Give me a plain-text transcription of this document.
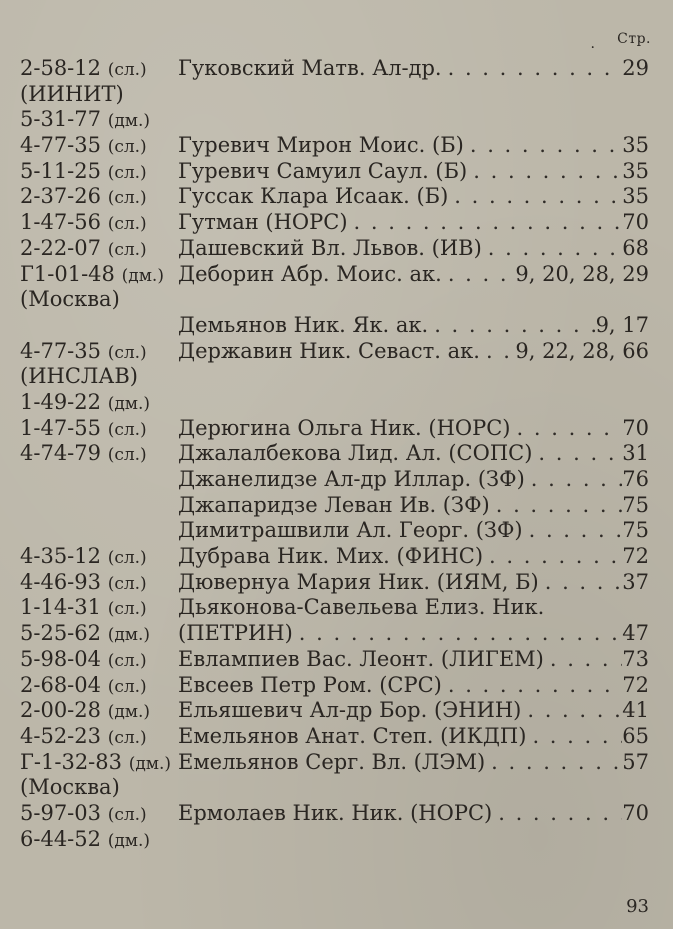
. Стр.
2-58-12 (сл.)	Гуковский Матв. Ал-др. . . .	29
(ИИНИТ)
5-31-77 (дм.)
4-77-35 (сл.)	Гуревич Мирон Моис. (Б) . . .	35
5-11-25 (сл.)	Гуревич Самуил Саул. (Б) . . .	35
2-37-26 (сл.)	Гуссак Клара Исаак. (Б) . . .	35
1-47-56 (сл.)	Гутман (НОРС) . . .	70
2-22-07 (сл.)	Дашевский Вл. Львов. (ИВ) . . .	68
Г1-01-48 (дм.) Деборин Абр. Моис. ак. . . .	9, 20, 28, 29
(Москва)
Демьянов Ник. Як. ак. . . .	9, 17
4-77-35 (сл.)	Державин Ник. Севаст. ак. . . . 9, 22, 28, 66
(ИНСЛАВ)
1-49-22 (дм.)
1-47-55 (сл.)	Дерюгина Ольга Ник. (НОРС) . . .	70
4-74-79 (сл.)	Джалалбекова Лид. Ал. (СОПС) . . .	31
Джанелидзе Ал-др Иллар. (ЗФ) . . .	76
Джапаридзе Леван Ив. (ЗФ) . . .	75
Димитрашвили Ал. Георг. (ЗФ) . . .	75
4-35-12 (сл.)	Дубрава Ник. Мих. (ФИНС) . . .	72
4-46-93 (сл.)	Дювернуа Мария Ник. (ИЯМ, Б) . . .	37
1-14-31 (сл.)	Дьяконова-Савельева Елиз. Ник.
5-25-62 (дм.)	(ПЕТРИН) . . .	47
5-98-04 (сл.)	Евлампиев Вас. Леонт. (ЛИГЕМ) . . .	73
2-68-04 (сл.)	Евсеев Петр Ром. (СРС) . . .	72
2-00-28 (дм.)	Ельяшевич Ал-др Бор. (ЭНИН) . . .	41
4-52-23 (сл.)	Емельянов Анат. Степ. (ИКДП) . . .	65
Г-1-32-83 (дм.) Емельянов Серг. Вл. (ЛЭМ) . . .	57
(Москва)
5-97-03 (сл.)	Ермолаев Ник. Ник. (НОРС) . . .	70
6-44-52 (дм.)
93
